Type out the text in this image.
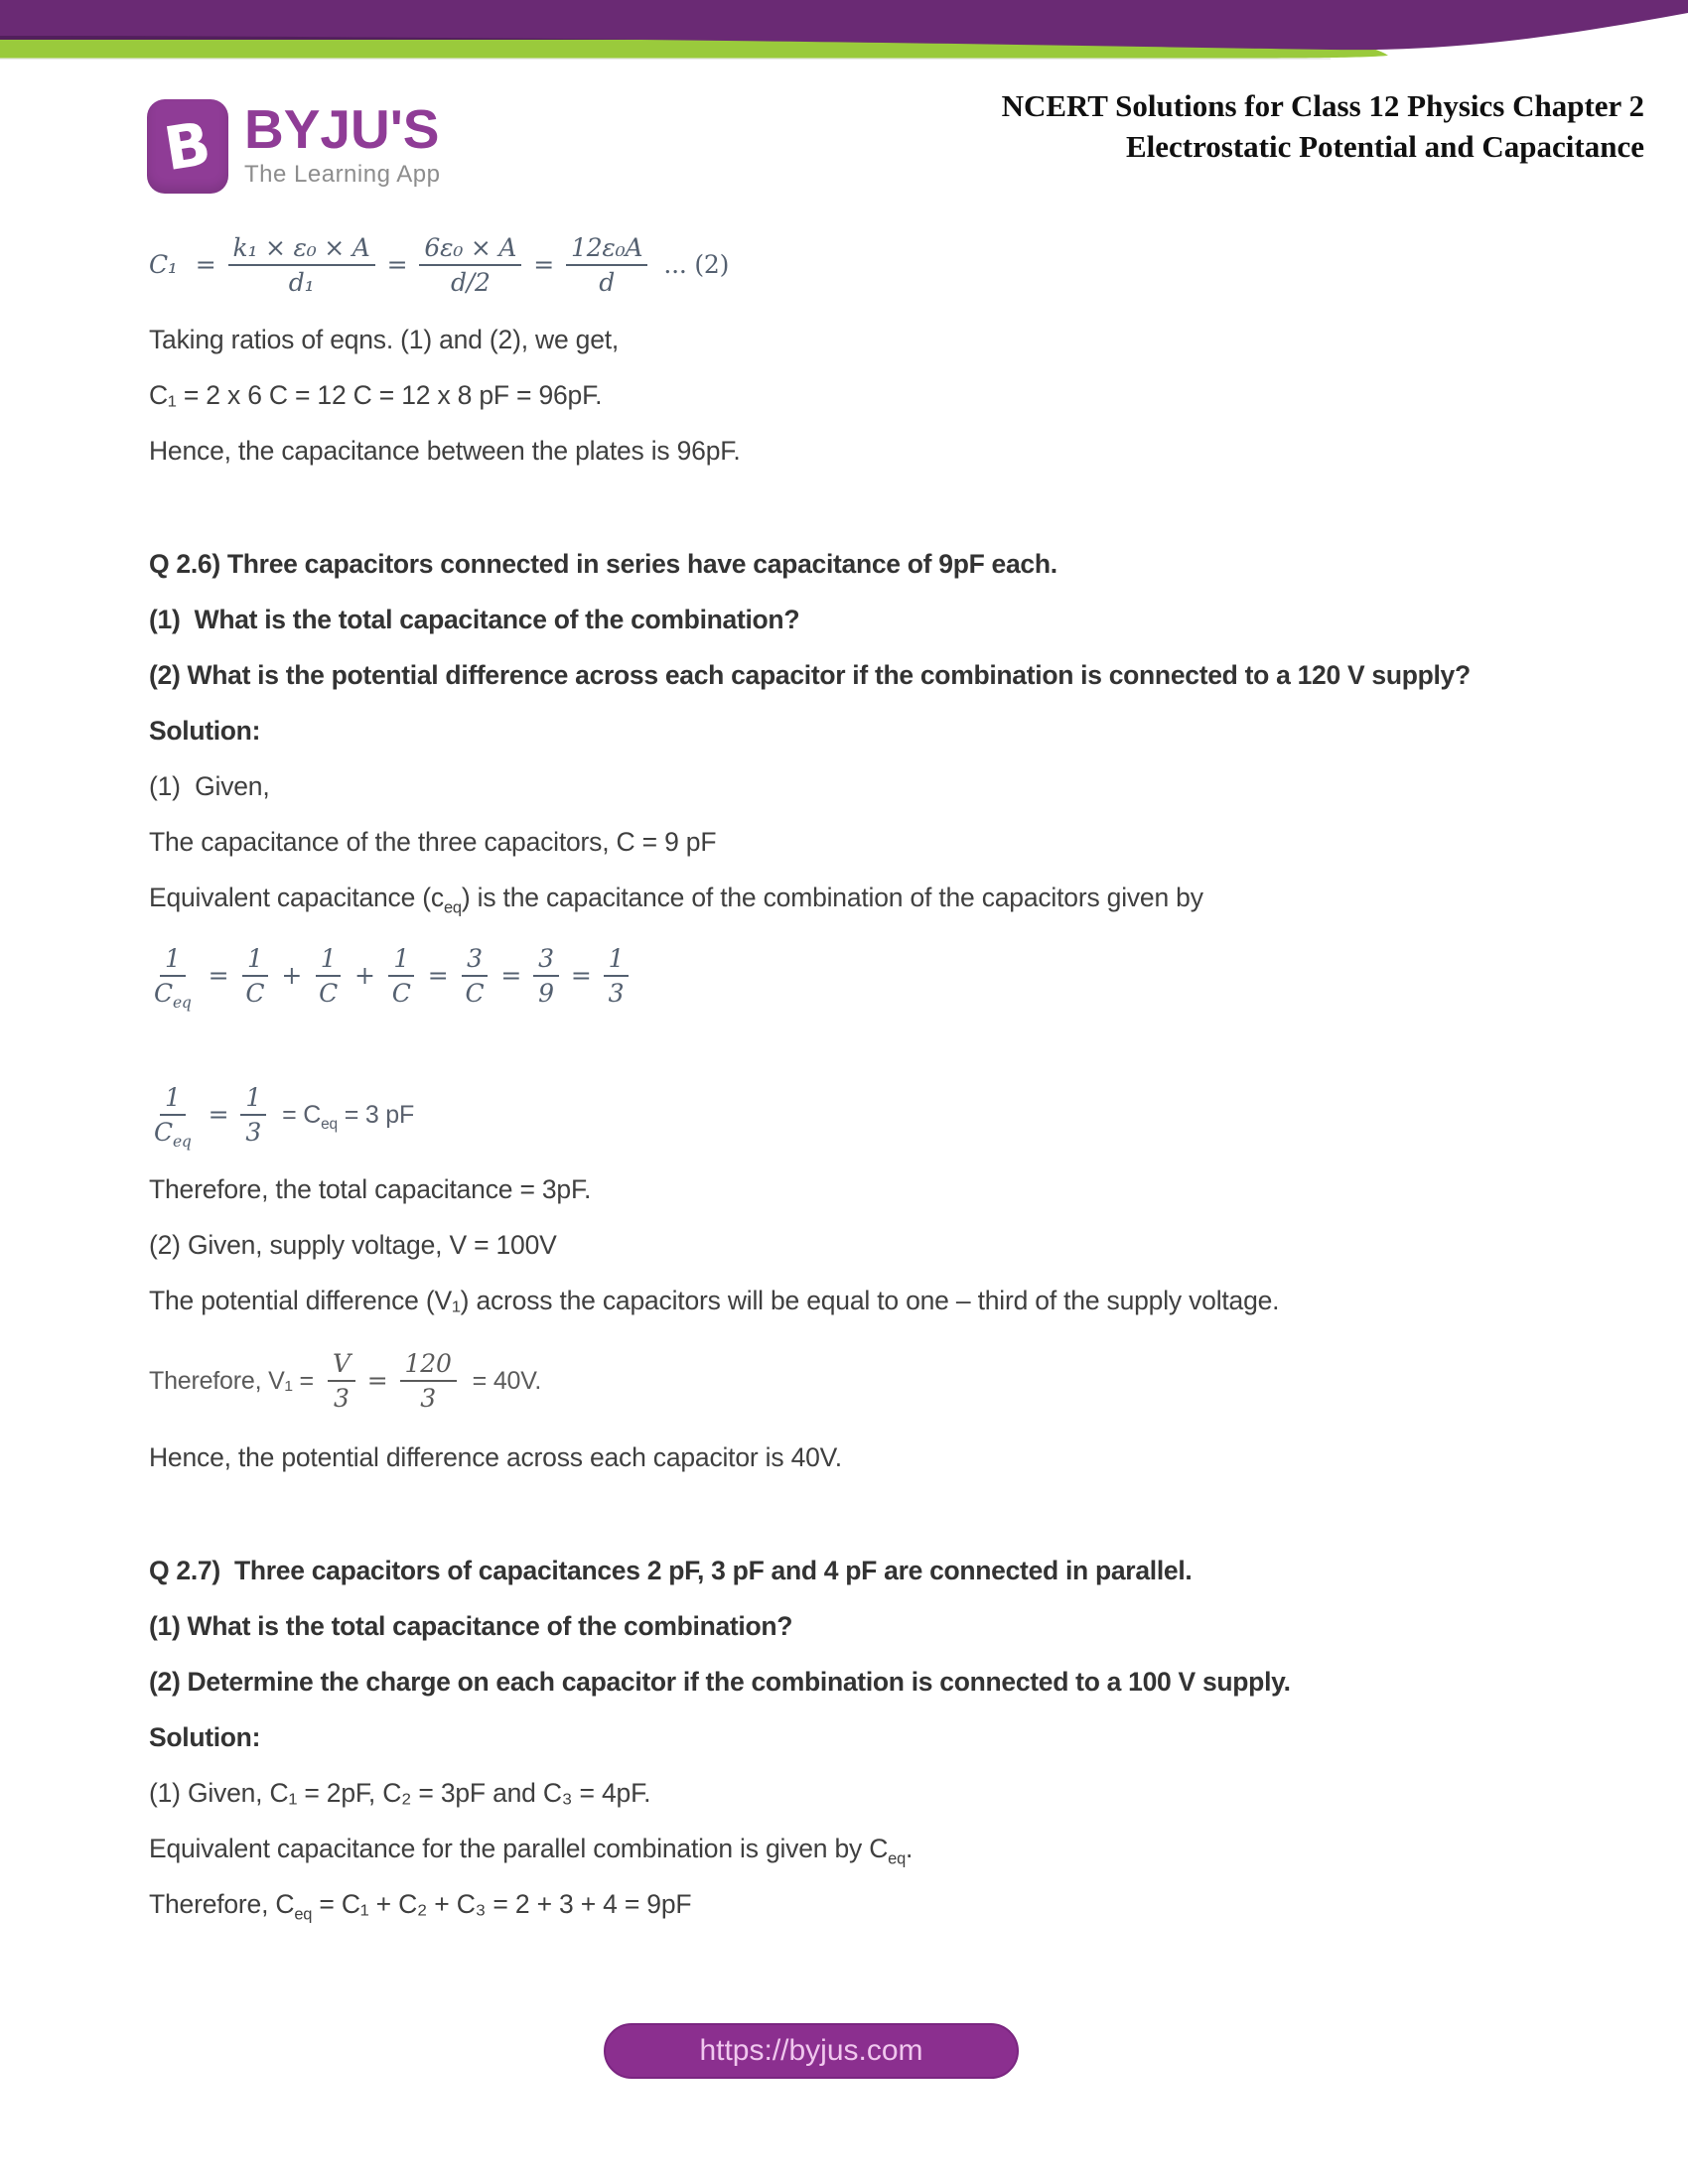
B BYJU'S
The Learning App
NCERT Solutions for Class 12 Physics Chapter 2
Electrostatic Potential and Capacitance
$C_1 = \frac{\text{k₁ × ε₀ × A}}{\text{d₁}} = \frac{\text{6ε₀ × A}}{d/2} = \frac{\text{12ε₀A}}{d}$ ... (2)

Taking ratios of eqns. (1) and (2), we get,

C₁ = 2 x 6 C = 12 C = 12 x 8 pF = 96pF.

Hence, the capacitance between the plates is 96pF.

Q 2.6) Three capacitors connected in series have capacitance of 9pF each.

(1)  What is the total capacitance of the combination?

(2) What is the potential difference across each capacitor if the combination is connected to a 120 V supply?

Solution:

(1)  Given,

The capacitance of the three capacitors, C = 9 pF

Equivalent capacitance $(c_{eq})$ is the capacitance of the combination of the capacitors given by

$\frac{1}{C_{eq}} = \frac{1}{C} + \frac{1}{C} + \frac{1}{C} = \frac{3}{C} = \frac{3}{9} = \frac{1}{3}$
$\frac{1}{C_{eq}} = \frac{1}{3} = C_{eq} = 3$ pF

Therefore, the total capacitance = 3pF.

(2) Given, supply voltage, V = 100V

The potential difference (V₁) across the capacitors will be equal to one – third of the supply voltage.

Therefore, $V_1 = \frac{V}{3} = \frac{120}{3} = 40V$.

Hence, the potential difference across each capacitor is 40V.

Q 2.7)  Three capacitors of capacitances 2 pF, 3 pF and 4 pF are connected in parallel.

(1) What is the total capacitance of the combination?

(2) Determine the charge on each capacitor if the combination is connected to a 100 V supply.

Solution:

(1) Given, C₁ = 2pF, C₂ = 3pF and C₃ = 4pF.

Equivalent capacitance for the parallel combination is given by $C_{eq}$.

Therefore, $C_{eq} = C_1 + C_2 + C_3 = 2 + 3 + 4 = 9pF$

https://byjus.com
